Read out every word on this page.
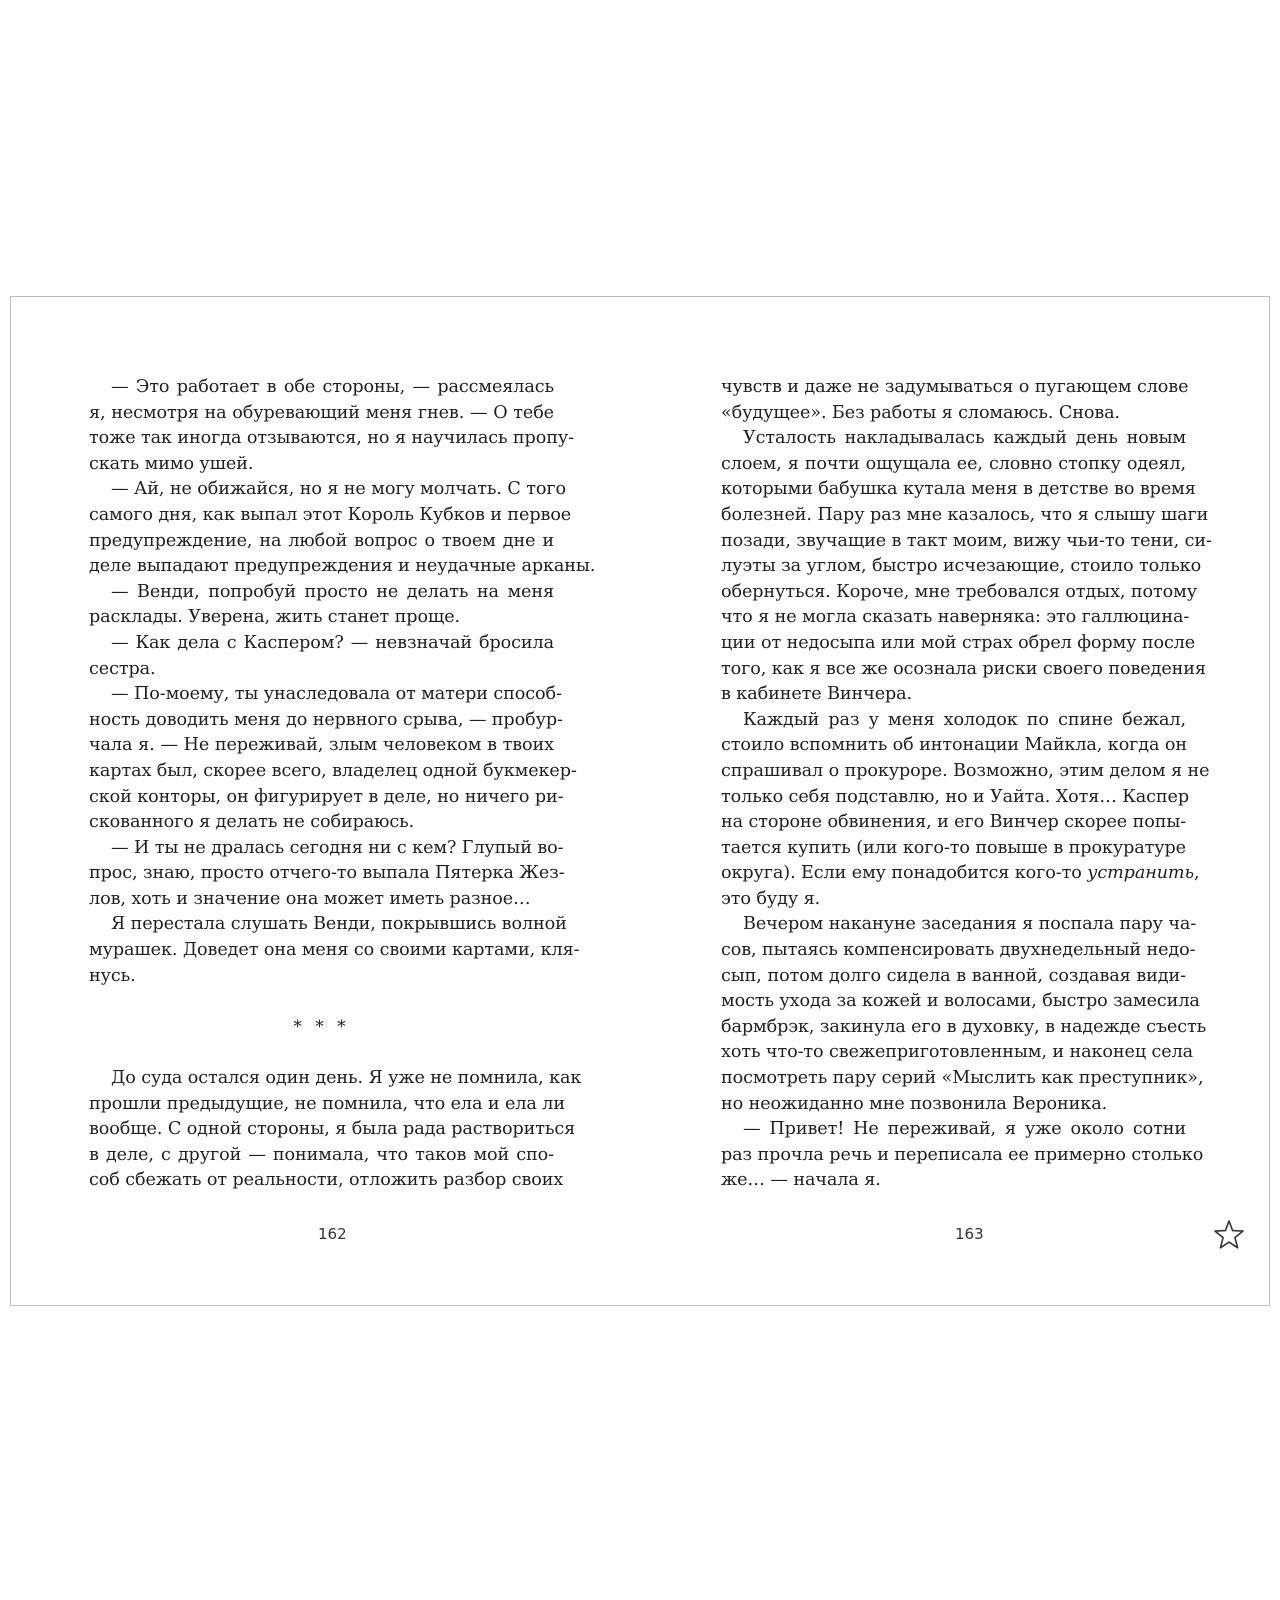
— Это работает в обе стороны, — рассмеялась
я, несмотря на обуревающий меня гнев. — О тебе
тоже так иногда отзываются, но я научилась пропу-
скать мимо ушей.
— Ай, не обижайся, но я не могу молчать. С того
самого дня, как выпал этот Король Кубков и первое
предупреждение, на любой вопрос о твоем дне и
деле выпадают предупреждения и неудачные арканы.
— Венди, попробуй просто не делать на меня
расклады. Уверена, жить станет проще.
— Как дела с Каспером? — невзначай бросила
сестра.
— По-моему, ты унаследовала от матери способ-
ность доводить меня до нервного срыва, — пробур-
чала я. — Не переживай, злым человеком в твоих
картах был, скорее всего, владелец одной букмекер-
ской конторы, он фигурирует в деле, но ничего ри-
скованного я делать не собираюсь.
— И ты не дралась сегодня ни с кем? Глупый во-
прос, знаю, просто отчего-то выпала Пятерка Жез-
лов, хоть и значение она может иметь разное…
Я перестала слушать Венди, покрывшись волной
мурашек. Доведет она меня со своими картами, кля-
нусь.
* * *
До суда остался один день. Я уже не помнила, как
прошли предыдущие, не помнила, что ела и ела ли
вообще. С одной стороны, я была рада раствориться
в деле, с другой — понимала, что таков мой спо-
соб сбежать от реальности, отложить разбор своих
чувств и даже не задумываться о пугающем слове
«будущее». Без работы я сломаюсь. Снова.
Усталость накладывалась каждый день новым
слоем, я почти ощущала ее, словно стопку одеял,
которыми бабушка кутала меня в детстве во время
болезней. Пару раз мне казалось, что я слышу шаги
позади, звучащие в такт моим, вижу чьи-то тени, си-
луэты за углом, быстро исчезающие, стоило только
обернуться. Короче, мне требовался отдых, потому
что я не могла сказать наверняка: это галлюцина-
ции от недосыпа или мой страх обрел форму после
того, как я все же осознала риски своего поведения
в кабинете Винчера.
Каждый раз у меня холодок по спине бежал,
стоило вспомнить об интонации Майкла, когда он
спрашивал о прокуроре. Возможно, этим делом я не
только себя подставлю, но и Уайта. Хотя… Каспер
на стороне обвинения, и его Винчер скорее попы-
тается купить (или кого-то повыше в прокуратуре
округа). Если ему понадобится кого-то устранить,
это буду я.
Вечером накануне заседания я поспала пару ча-
сов, пытаясь компенсировать двухнедельный недо-
сып, потом долго сидела в ванной, создавая види-
мость ухода за кожей и волосами, быстро замесила
бармбрэк, закинула его в духовку, в надежде съесть
хоть что-то свежеприготовленным, и наконец села
посмотреть пару серий «Мыслить как преступник»,
но неожиданно мне позвонила Вероника.
— Привет! Не переживай, я уже около сотни
раз прочла речь и переписала ее примерно столько
же… — начала я.
162	163
